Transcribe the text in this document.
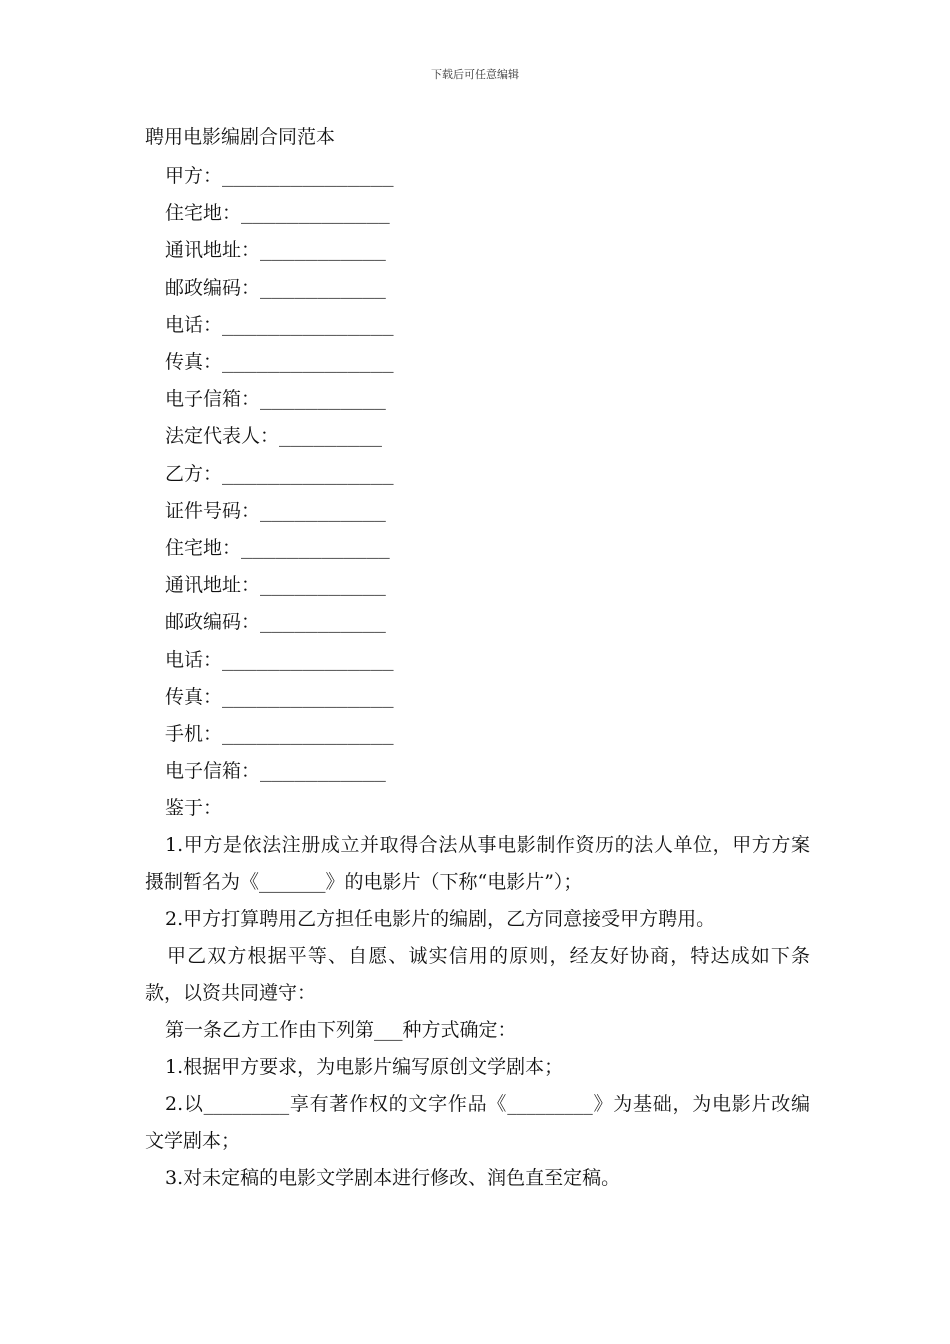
下载后可任意编辑
聘用电影编剧合同范本
甲方：_______________
住宅地：_____________
通讯地址：___________
邮政编码：___________
电话：_______________
传真：_______________
电子信箱：___________
法定代表人：_________
乙方：_______________
证件号码：___________
住宅地：_____________
通讯地址：___________
邮政编码：___________
电话：_______________
传真：_______________
手机：_______________
电子信箱：___________

鉴于：

1.甲方是依法注册成立并取得合法从事电影制作资历的法人单位，甲方方案摄制暂名为《_______》的电影片（下称“电影片”）；

2.甲方打算聘用乙方担任电影片的编剧，乙方同意接受甲方聘用。

甲乙双方根据平等、自愿、诚实信用的原则，经友好协商，特达成如下条款，以资共同遵守：

第一条乙方工作由下列第___种方式确定：

1.根据甲方要求，为电影片编写原创文学剧本；

2.以_________享有著作权的文字作品《_________》为基础，为电影片改编文学剧本；

3.对未定稿的电影文学剧本进行修改、润色直至定稿。
